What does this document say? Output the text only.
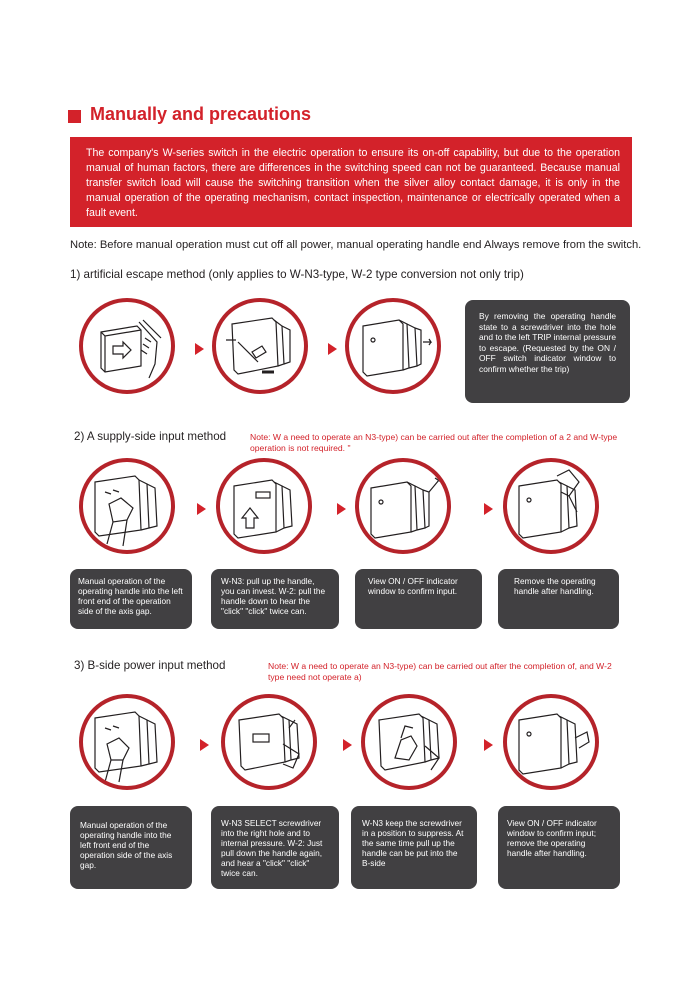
Manually and precautions
The company's W-series switch in the electric operation to ensure its on-off capability, but due to the operation manual of human factors, there are differences in the switching speed can not be guaranteed. Because manual transfer switch load will cause the switching transition when the silver alloy contact damage, it is only in the manual operation of the operating mechanism, contact inspection, maintenance or electrically operated when a fault event.
Note: Before manual operation must cut off all power, manual operating handle end Always remove from the switch.
1) artificial escape method (only applies to W-N3-type, W-2 type conversion not only trip)
By removing the operating handle state to a screwdriver into the hole and to the left TRIP internal pressure to escape. (Requested by the ON / OFF switch indicator window to confirm whether the trip)
2) A supply-side input method	Note: W a need to operate an N3-type) can be carried out after the completion of a 2 and W-type operation is not required. "
Manual operation of the operating handle into the left front end of the operation side of the axis gap.
W-N3: pull up the handle, you can invest. W-2: pull the handle down to hear the "click" "click" twice can.
View ON / OFF indicator window to confirm input.
Remove the operating handle after handling.
3) B-side power input method	Note: W a need to operate an N3-type) can be carried out after the completion of, and W-2 type need not operate a)
Manual operation of the operating handle into the left front end of the operation side of the axis gap.
W-N3 SELECT screwdriver into the right hole and to internal pressure. W-2: Just pull down the handle again, and hear a "click" "click" twice can.
W-N3 keep the screwdriver in a position to suppress. At the same time pull up the handle can be put into the B-side
View ON / OFF indicator window to confirm input; remove the operating handle after handling.
